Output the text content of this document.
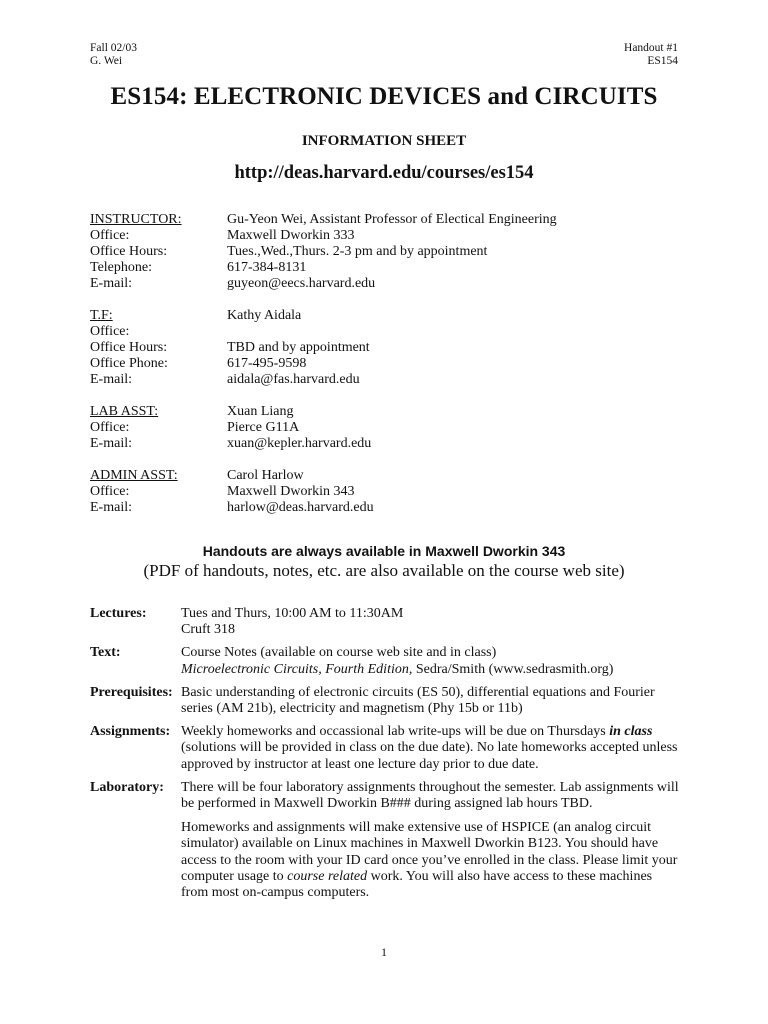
Fall 02/03
G. Wei
Handout #1
ES154
ES154: ELECTRONIC DEVICES and CIRCUITS
INFORMATION SHEET
http://deas.harvard.edu/courses/es154
INSTRUCTOR:	Gu-Yeon Wei, Assistant Professor of Electical Engineering
Office:	Maxwell Dworkin 333
Office Hours:	Tues.,Wed.,Thurs. 2-3 pm and by appointment
Telephone:	617-384-8131
E-mail:	guyeon@eecs.harvard.edu
T.F:	Kathy Aidala
Office:
Office Hours:	TBD and by appointment
Office Phone:	617-495-9598
E-mail:	aidala@fas.harvard.edu
LAB ASST:	Xuan Liang
Office:	Pierce G11A
E-mail:	xuan@kepler.harvard.edu
ADMIN ASST:	Carol Harlow
Office:	Maxwell Dworkin 343
E-mail:	harlow@deas.harvard.edu
Handouts are always available in Maxwell Dworkin 343
(PDF of handouts, notes, etc. are also available on the course web site)
Lectures:	Tues and Thurs, 10:00 AM to 11:30AM
Cruft 318
Text:	Course Notes (available on course web site and in class)
Microelectronic Circuits, Fourth Edition, Sedra/Smith (www.sedrasmith.org)
Prerequisites: Basic understanding of electronic circuits (ES 50), differential equations and Fourier series (AM 21b), electricity and magnetism (Phy 15b or 11b)
Assignments: Weekly homeworks and occassional lab write-ups will be due on Thursdays in class (solutions will be provided in class on the due date). No late homeworks accepted unless approved by instructor at least one lecture day prior to due date.
Laboratory:	There will be four laboratory assignments throughout the semester. Lab assignments will be performed in Maxwell Dworkin B### during assigned lab hours TBD.
Homeworks and assignments will make extensive use of HSPICE (an analog circuit simulator) available on Linux machines in Maxwell Dworkin B123. You should have access to the room with your ID card once you’ve enrolled in the class. Please limit your computer usage to course related work. You will also have access to these machines from most on-campus computers.
1
